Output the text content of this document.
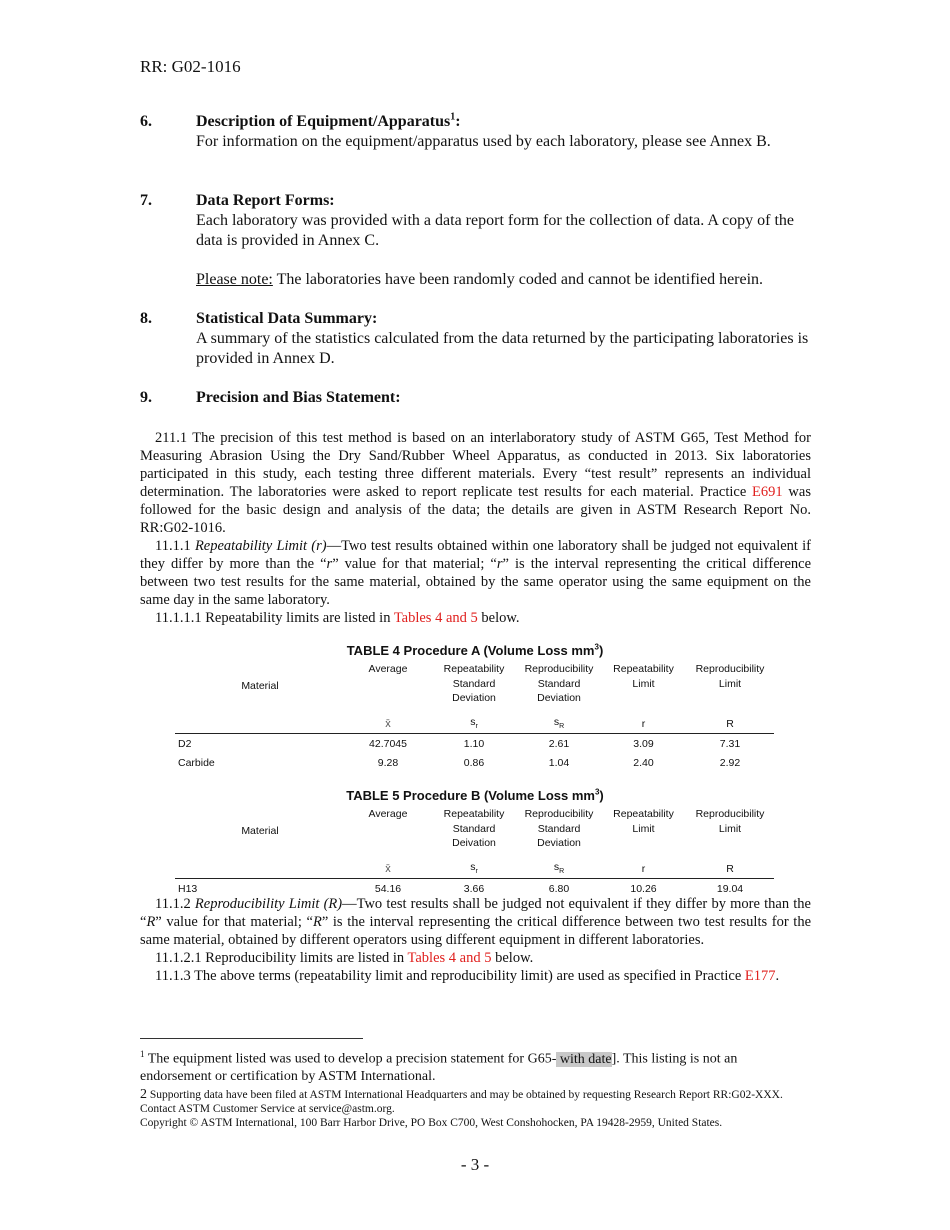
RR: G02-1016
6.	Description of Equipment/Apparatus$^1$:
For information on the equipment/apparatus used by each laboratory, please see Annex B.
7.	Data Report Forms:
Each laboratory was provided with a data report form for the collection of data. A copy of the data is provided in Annex C.
Please note: The laboratories have been randomly coded and cannot be identified herein.
8.	Statistical Data Summary:
A summary of the statistics calculated from the data returned by the participating laboratories is provided in Annex D.
9.	Precision and Bias Statement:

211.1 The precision of this test method is based on an interlaboratory study of ASTM G65, Test Method for Measuring Abrasion Using the Dry Sand/Rubber Wheel Apparatus, as conducted in 2013. Six laboratories participated in this study, each testing three different materials. Every “test result” represents an individual determination. The laboratories were asked to report replicate test results for each material. Practice E691 was followed for the basic design and analysis of the data; the details are given in ASTM Research Report No. RR:G02-1016.

11.1.1 Repeatability Limit (r)—Two test results obtained within one laboratory shall be judged not equivalent if they differ by more than the “r” value for that material; “r” is the interval representing the critical difference between two test results for the same material, obtained by the same operator using the same equipment on the same day in the same laboratory.

11.1.1.1 Repeatability limits are listed in Tables 4 and 5 below.

TABLE 4 Procedure A (Volume Loss $mm^3$)
Material	Average	Repeatability Standard Deviation	Reproducibility Standard Deviation	Repeatability Limit	Reproducibility Limit
	x̄	$s_r$	$s_R$	r	R
D2	42.7045	1.10	2.61	3.09	7.31
Carbide	9.28	0.86	1.04	2.40	2.92
TABLE 5 Procedure B (Volume Loss $mm^3$)
Material	Average	Repeatability Standard Deivation	Reproducibility Standard Deviation	Repeatability Limit	Reproducibility Limit
	x̄	$s_r$	$s_R$	r	R
H13	54.16	3.66	6.80	10.26	19.04

11.1.2 Reproducibility Limit (R)—Two test results shall be judged not equivalent if they differ by more than the “R” value for that material; “R” is the interval representing the critical difference between two test results for the same material, obtained by different operators using different equipment in different laboratories.

11.1.2.1 Reproducibility limits are listed in Tables 4 and 5 below.

11.1.3 The above terms (repeatability limit and reproducibility limit) are used as specified in Practice E177.

$^1$ The equipment listed was used to develop a precision statement for G65- with date]. This listing is not an endorsement or certification by ASTM International.
2 Supporting data have been filed at ASTM International Headquarters and may be obtained by requesting Research Report RR:G02-XXX. Contact ASTM Customer Service at service@astm.org.
Copyright © ASTM International, 100 Barr Harbor Drive, PO Box C700, West Conshohocken, PA 19428-2959, United States.
- 3 -
